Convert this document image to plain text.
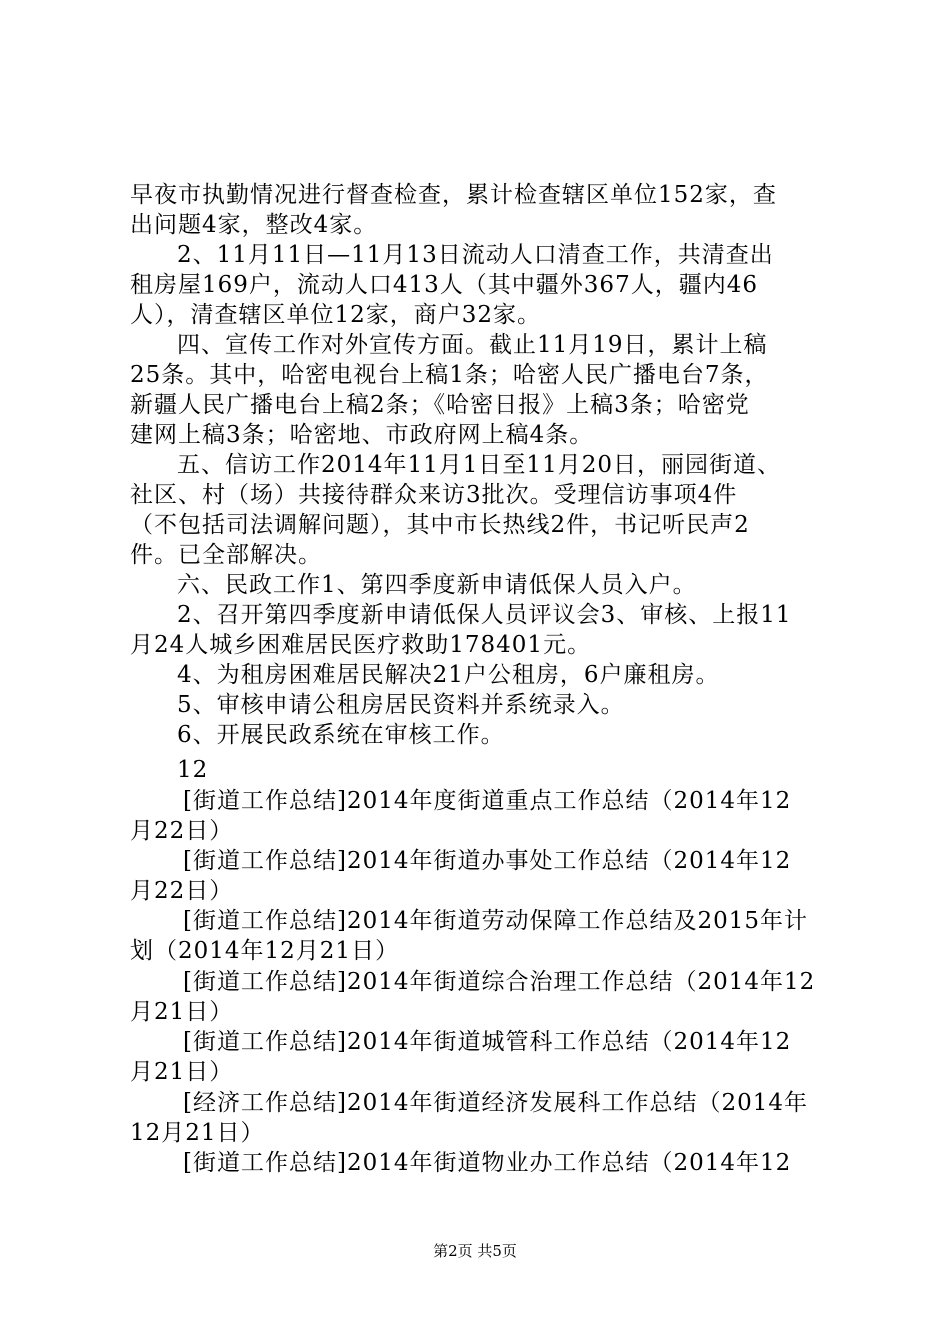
早夜市执勤情况进行督查检查，累计检查辖区单位152家，查
出问题4家，整改4家。
2、11月11日—11月13日流动人口清查工作，共清查出
租房屋169户，流动人口413人（其中疆外367人，疆内46
人），清查辖区单位12家，商户32家。
四、宣传工作对外宣传方面。截止11月19日，累计上稿
25条。其中，哈密电视台上稿1条；哈密人民广播电台7条，
新疆人民广播电台上稿2条；《哈密日报》上稿3条；哈密党
建网上稿3条；哈密地、市政府网上稿4条。
五、信访工作2014年11月1日至11月20日，丽园街道、
社区、村（场）共接待群众来访3批次。受理信访事项4件
（不包括司法调解问题），其中市长热线2件，书记听民声2
件。已全部解决。
六、民政工作1、第四季度新申请低保人员入户。
2、召开第四季度新申请低保人员评议会3、审核、上报11
月24人城乡困难居民医疗救助178401元。
4、为租房困难居民解决21户公租房，6户廉租房。
5、审核申请公租房居民资料并系统录入。
6、开展民政系统在审核工作。
12
[街道工作总结]2014年度街道重点工作总结（2014年12
月22日）
[街道工作总结]2014年街道办事处工作总结（2014年12
月22日）
[街道工作总结]2014年街道劳动保障工作总结及2015年计
划（2014年12月21日）
[街道工作总结]2014年街道综合治理工作总结（2014年12
月21日）
[街道工作总结]2014年街道城管科工作总结（2014年12
月21日）
[经济工作总结]2014年街道经济发展科工作总结（2014年
12月21日）
[街道工作总结]2014年街道物业办工作总结（2014年12
第2页 共5页
